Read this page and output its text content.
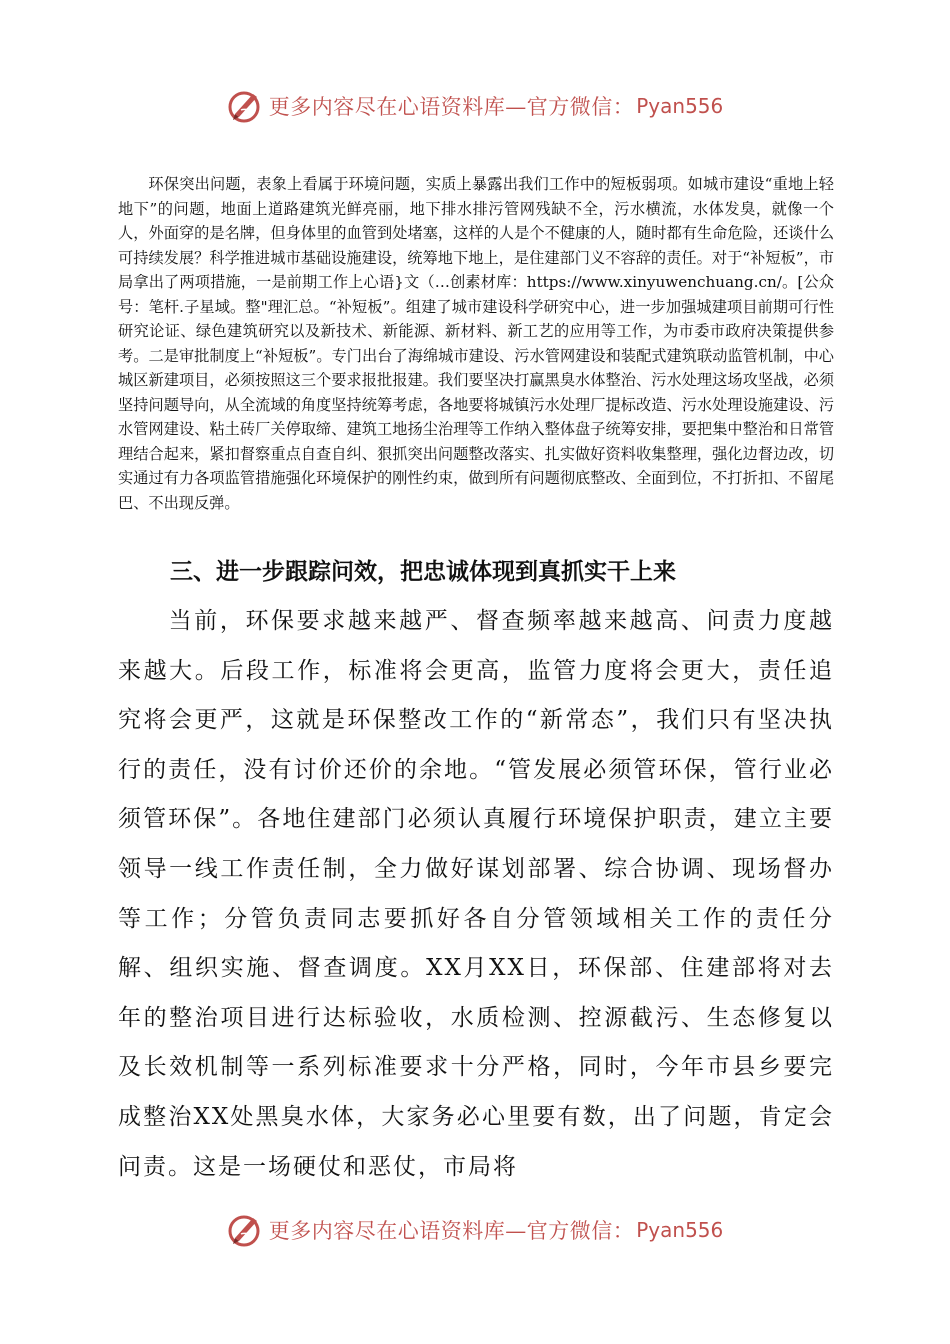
更多内容尽在心语资料库—官方微信： Pyan556

环保突出问题，表象上看属于环境问题，实质上暴露出我们工作中的短板弱项。如城市建设“重地上轻地下”的问题，地面上道路建筑光鲜亮丽，地下排水排污管网残缺不全，污水横流，水体发臭，就像一个人，外面穿的是名牌，但身体里的血管到处堵塞，这样的人是个不健康的人，随时都有生命危险，还谈什么可持续发展？科学推进城市基础设施建设，统筹地下地上，是住建部门义不容辞的责任。对于“补短板”，市局拿出了两项措施，一是前期工作上心语}文（…创素材库：https://www.xinyuwenchuang.cn/。[公众号：笔杆.子星域。整"理汇总。“补短板”。组建了城市建设科学研究中心，进一步加强城建项目前期可行性研究论证、绿色建筑研究以及新技术、新能源、新材料、新工艺的应用等工作，为市委市政府决策提供参考。二是审批制度上“补短板”。专门出台了海绵城市建设、污水管网建设和装配式建筑联动监管机制，中心城区新建项目，必须按照这三个要求报批报建。我们要坚决打赢黑臭水体整治、污水处理这场攻坚战，必须坚持问题导向，从全流域的角度坚持统筹考虑，各地要将城镇污水处理厂提标改造、污水处理设施建设、污水管网建设、粘土砖厂关停取缔、建筑工地扬尘治理等工作纳入整体盘子统筹安排，要把集中整治和日常管理结合起来，紧扣督察重点自查自纠、狠抓突出问题整改落实、扎实做好资料收集整理，强化边督边改，切实通过有力各项监管措施强化环境保护的刚性约束，做到所有问题彻底整改、全面到位，不打折扣、不留尾巴、不出现反弹。

三、进一步跟踪问效，把忠诚体现到真抓实干上来

当前，环保要求越来越严、督查频率越来越高、问责力度越来越大。后段工作，标准将会更高，监管力度将会更大，责任追究将会更严，这就是环保整改工作的“新常态”，我们只有坚决执行的责任，没有讨价还价的余地。“管发展必须管环保，管行业必须管环保”。各地住建部门必须认真履行环境保护职责，建立主要领导一线工作责任制，全力做好谋划部署、综合协调、现场督办等工作；分管负责同志要抓好各自分管领域相关工作的责任分解、组织实施、督查调度。XX月XX日，环保部、住建部将对去年的整治项目进行达标验收，水质检测、控源截污、生态修复以及长效机制等一系列标准要求十分严格，同时，今年市县乡要完成整治XX处黑臭水体，大家务必心里要有数，出了问题，肯定会问责。这是一场硬仗和恶仗，市局将

更多内容尽在心语资料库—官方微信： Pyan556
